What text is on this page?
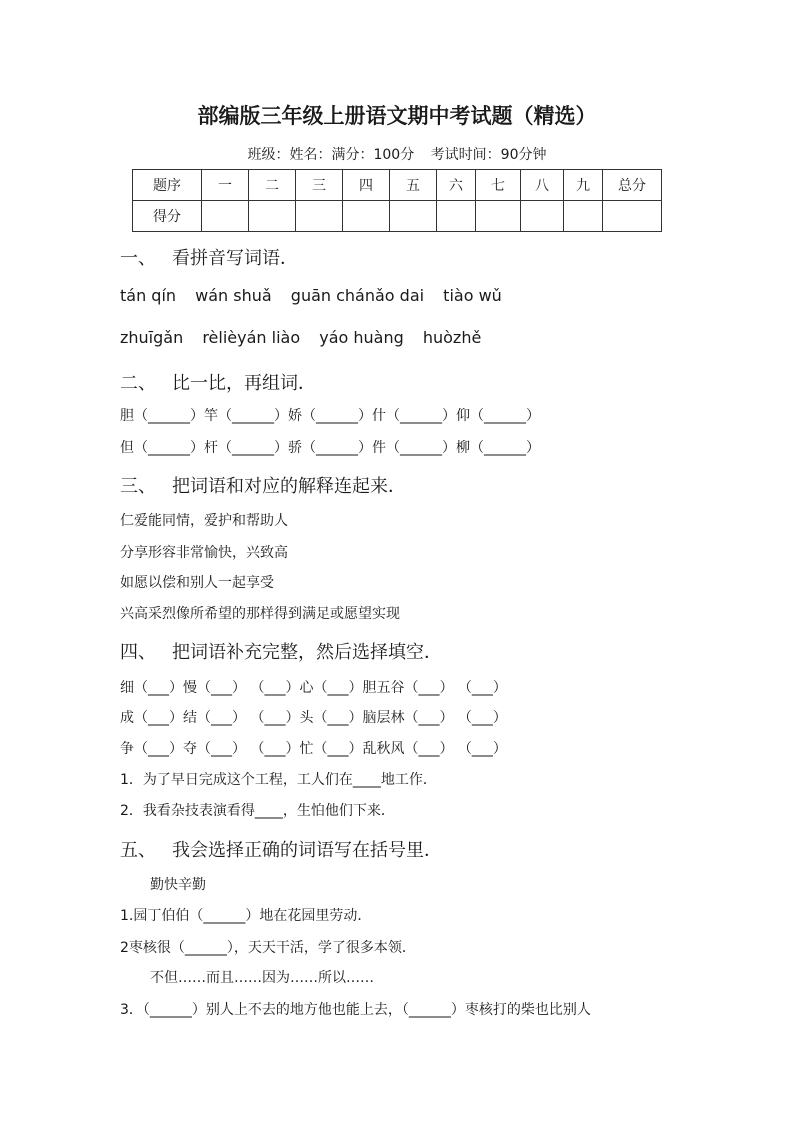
部编版三年级上册语文期中考试题（精选）
班级：姓名：满分：100分 考试时间：90分钟
题序	一	二	三	四	五	六	七	八	九	总分
得分										
一、 看拼音写词语．
tán qín wán shuǎ guān chánǎo dai tiào wǔ
zhuīgǎn rèlièyán liào yáo huàng huòzhě
二、 比一比，再组词．
胆（______）竿（______）娇（______）什（______）仰（______）
但（______）杆（______）骄（______）件（______）柳（______）
三、 把词语和对应的解释连起来．
仁爱能同情，爱护和帮助人
分享形容非常愉快，兴致高
如愿以偿和别人一起享受
兴高采烈像所希望的那样得到满足或愿望实现
四、 把词语补充完整，然后选择填空．
细（___）慢（___） （___）心（___）胆五谷（___） （___）
成（___）结（___） （___）头（___）脑层林（___） （___）
争（___）夺（___） （___）忙（___）乱秋风（___） （___）
1．为了早日完成这个工程，工人们在____地工作．
2．我看杂技表演看得____，生怕他们下来．
五、 我会选择正确的词语写在括号里．
勤快辛勤
1.园丁伯伯（______）地在花园里劳动．
2枣核很（______），天天干活，学了很多本领．
不但……而且……因为……所以……
3．（______）别人上不去的地方他也能上去，（______）枣核打的柴也比别人
